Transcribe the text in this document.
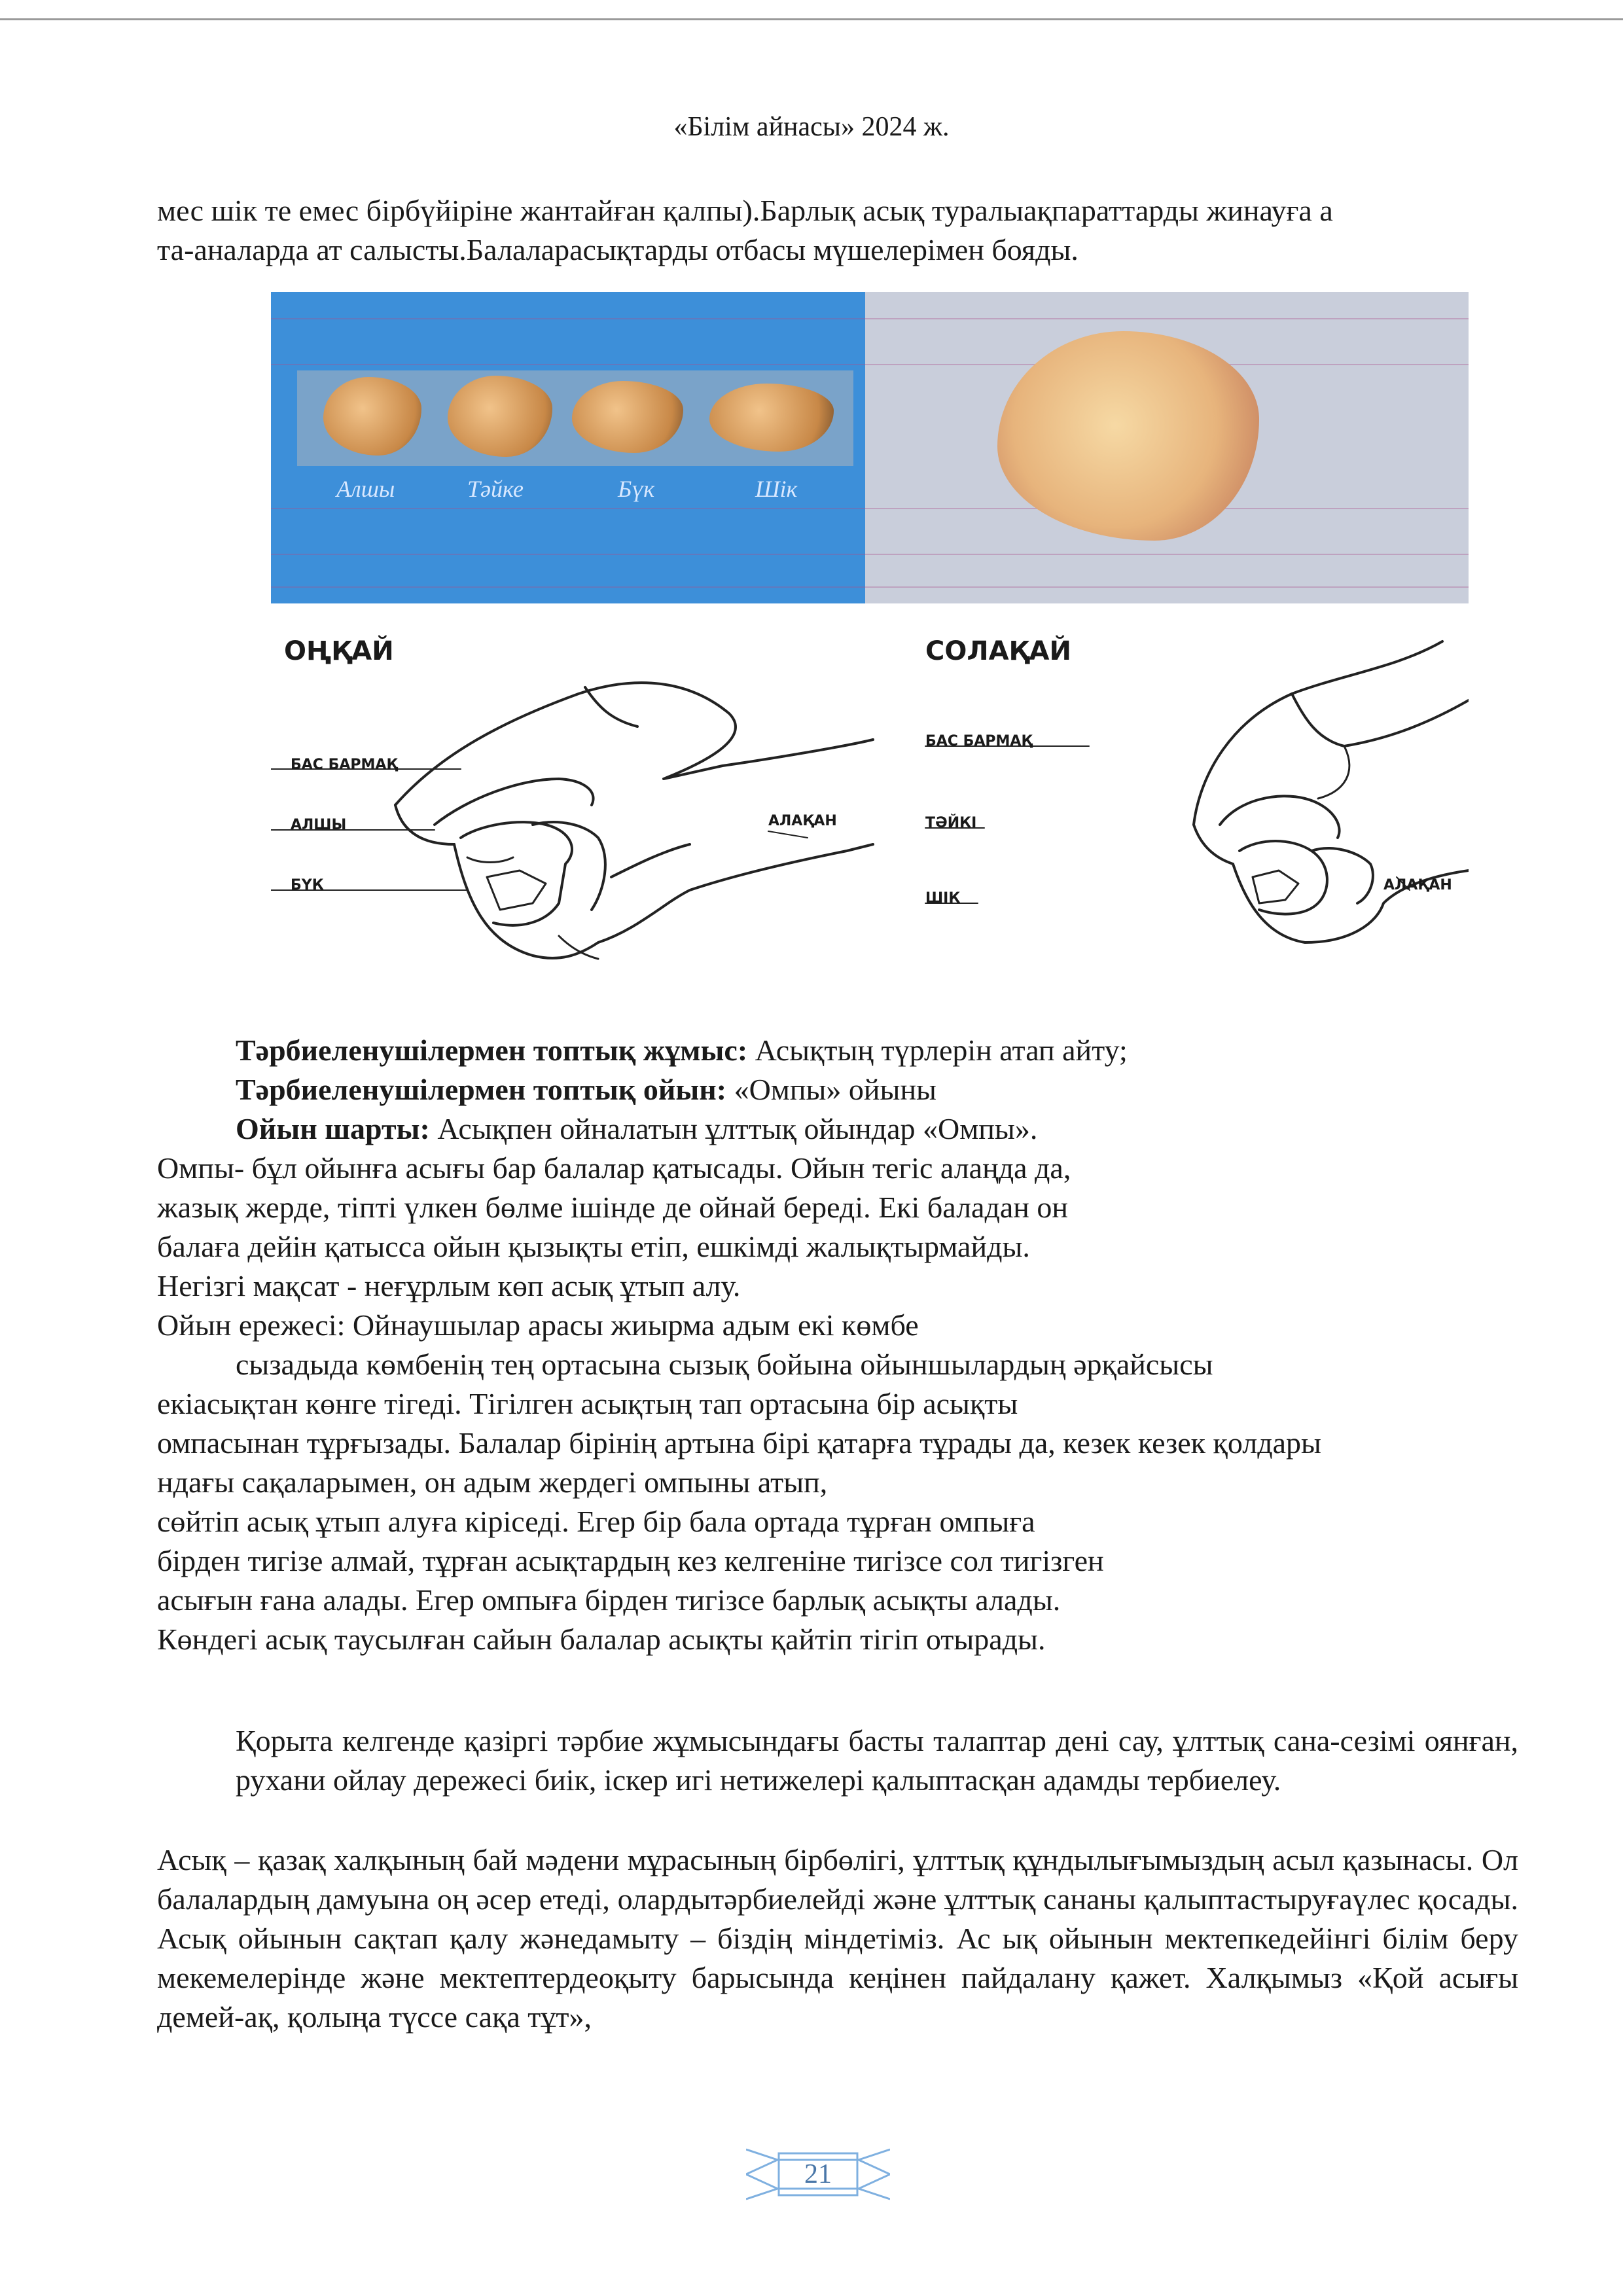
«Білім айнасы» 2024 ж.
мес шік те емес бірбүйіріне жантайған қалпы).Барлық асық туралыақпараттарды жинауға а
та-аналарда ат салысты.Балаларасықтарды отбасы мүшелерімен бояды.
Алшы	Тәйке	Бүк	Шік
ОҢҚАЙ
БАС БАРМАҚ
АЛШЫ	АЛАҚАН
БҮК
СОЛАҚАЙ
БАС БАРМАҚ
ТӘЙКІ
АЛАҚАН
ШІК
Тәрбиеленушілермен топтық жұмыс: Асықтың түрлерін атап айту;
Тәрбиеленушілермен топтық ойын: «Омпы» ойыны
Ойын шарты: Асықпен ойналатын ұлттық ойындар «Омпы».
Омпы- бұл ойынға асығы бар балалар қатысады. Ойын тегіс алаңда да,
жазық жерде, тіпті үлкен бөлме ішінде де ойнай береді. Екі баладан он
балаға дейін қатысса ойын қызықты етіп, ешкімді жалықтырмайды.
Негізгі мақсат - неғұрлым көп асық ұтып алу.
Ойын ережесі: Ойнаушылар арасы жиырма адым екі көмбе
сызадыда көмбенің тең ортасына сызық бойына ойыншылардың әрқайсысы
екіасықтан көнге тігеді. Тігілген асықтың тап ортасына бір асықты
омпасынан тұрғызады. Балалар бірінің артына бірі қатарға тұрады да, кезек кезек қолдары
ндағы сақаларымен, он адым жердегі омпыны атып,
сөйтіп асық ұтып алуға кіріседі. Егер бір бала ортада тұрған омпыға
бірден тигізе алмай, тұрған асықтардың кез келгеніне тигізсе сол тигізген
асығын ғана алады. Егер омпыға бірден тигізсе барлық асықты алады.
Көндегі асық таусылған сайын балалар асықты қайтіп тігіп отырады.
Қорыта келгенде қазіргі тәрбие жұмысындағы басты талаптар дені сау, ұлттық сана-сезімі оянған, рухани ойлау дережесі биік, іскер игі нетижелері қалыптасқан адамды тербиелеу.
Асық – қазақ халқының бай мәдени мұрасының бірбөлігі, ұлттық құндылығымыздың асыл қазынасы. Ол балалардың дамуына оң әсер етеді, олардытәрбиелейді және ұлттық сананы қалыптастыруғаүлес қосады. Асық ойынын сақтап қалу жәнедамыту – біздің міндетіміз. Ас ық ойынын мектепкедейінгі білім беру мекемелерінде және мектептердеоқыту барысында кеңінен пайдалану қажет. Халқымыз «Қой асығы демей-ақ, қолыңа түссе сақа тұт»,
21
